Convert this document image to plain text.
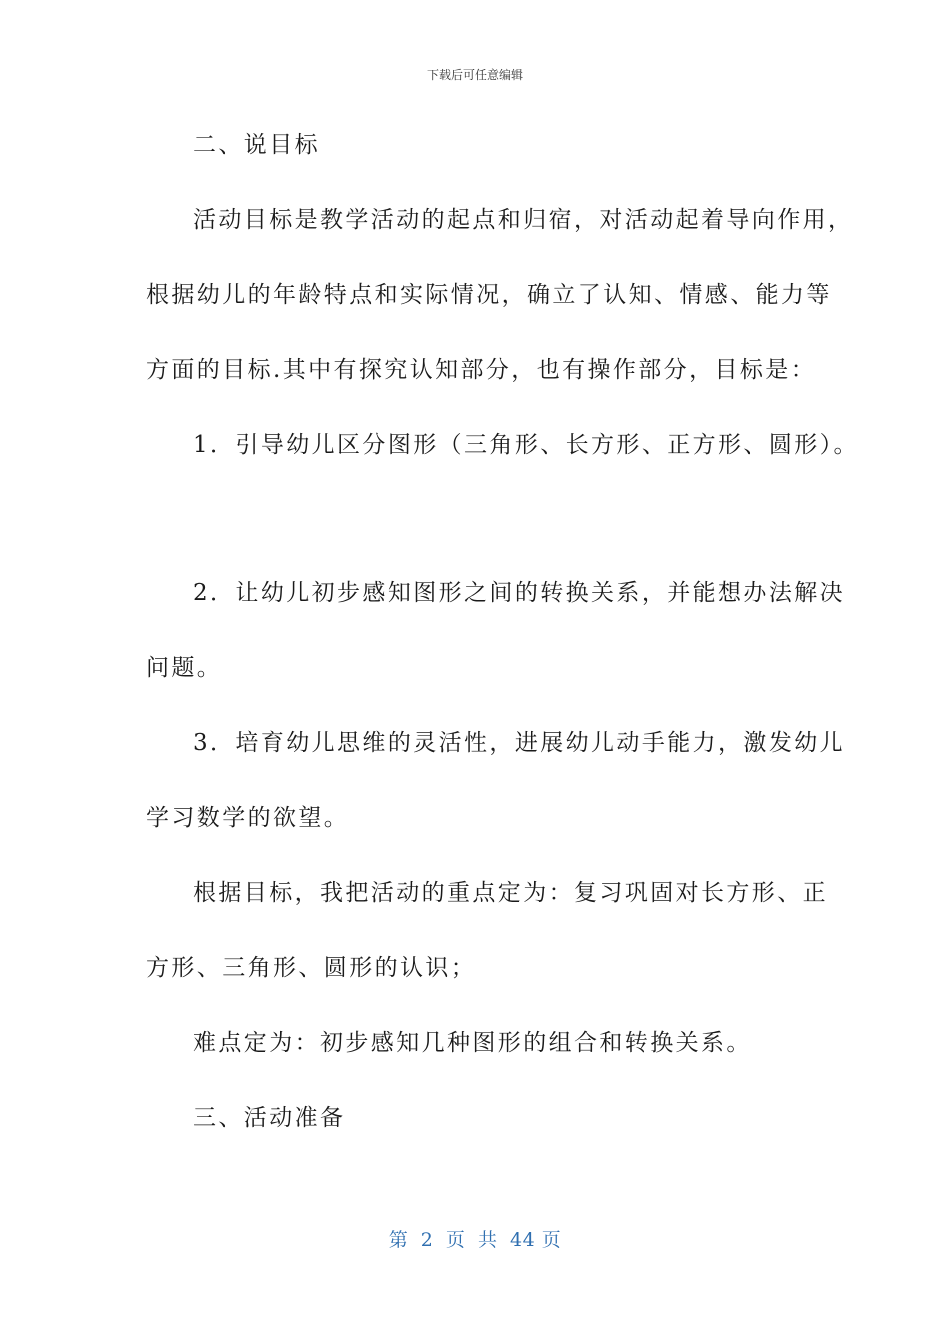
下载后可任意编辑
二、说目标
活动目标是教学活动的起点和归宿，对活动起着导向作用，
根据幼儿的年龄特点和实际情况，确立了认知、情感、能力等
方面的目标.其中有探究认知部分，也有操作部分，目标是：
1．引导幼儿区分图形（三角形、长方形、正方形、圆形）。
2．让幼儿初步感知图形之间的转换关系，并能想办法解决
问题。
3．培育幼儿思维的灵活性，进展幼儿动手能力，激发幼儿
学习数学的欲望。
根据目标，我把活动的重点定为：复习巩固对长方形、正
方形、三角形、圆形的认识；
难点定为：初步感知几种图形的组合和转换关系。
三、活动准备
第 2 页 共 44 页
